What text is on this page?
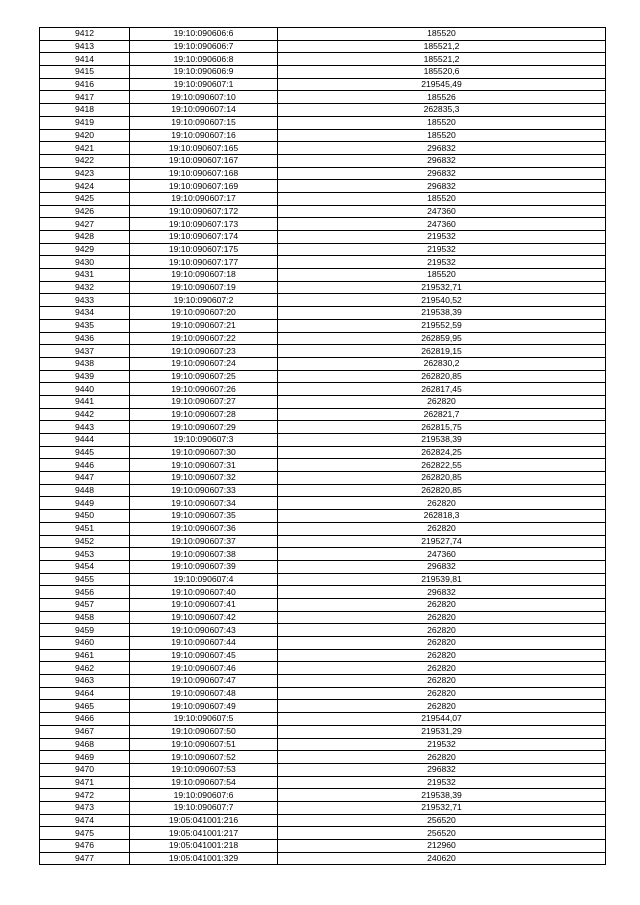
9412	19:10:090606:6	185520
9413	19:10:090606:7	185521,2
9414	19:10:090606:8	185521,2
9415	19:10:090606:9	185520,6
9416	19:10:090607:1	219545,49
9417	19:10:090607:10	185526
9418	19:10:090607:14	262835,3
9419	19:10:090607:15	185520
9420	19:10:090607:16	185520
9421	19:10:090607:165	296832
9422	19:10:090607:167	296832
9423	19:10:090607:168	296832
9424	19:10:090607:169	296832
9425	19:10:090607:17	185520
9426	19:10:090607:172	247360
9427	19:10:090607:173	247360
9428	19:10:090607:174	219532
9429	19:10:090607:175	219532
9430	19:10:090607:177	219532
9431	19:10:090607:18	185520
9432	19:10:090607:19	219532,71
9433	19:10:090607:2	219540,52
9434	19:10:090607:20	219538,39
9435	19:10:090607:21	219552,59
9436	19:10:090607:22	262859,95
9437	19:10:090607:23	262819,15
9438	19:10:090607:24	262830,2
9439	19:10:090607:25	262820,85
9440	19:10:090607:26	262817,45
9441	19:10:090607:27	262820
9442	19:10:090607:28	262821,7
9443	19:10:090607:29	262815,75
9444	19:10:090607:3	219538,39
9445	19:10:090607:30	262824,25
9446	19:10:090607:31	262822,55
9447	19:10:090607:32	262820,85
9448	19:10:090607:33	262820,85
9449	19:10:090607:34	262820
9450	19:10:090607:35	262818,3
9451	19:10:090607:36	262820
9452	19:10:090607:37	219527,74
9453	19:10:090607:38	247360
9454	19:10:090607:39	296832
9455	19:10:090607:4	219539,81
9456	19:10:090607:40	296832
9457	19:10:090607:41	262820
9458	19:10:090607:42	262820
9459	19:10:090607:43	262820
9460	19:10:090607:44	262820
9461	19:10:090607:45	262820
9462	19:10:090607:46	262820
9463	19:10:090607:47	262820
9464	19:10:090607:48	262820
9465	19:10:090607:49	262820
9466	19:10:090607:5	219544,07
9467	19:10:090607:50	219531,29
9468	19:10:090607:51	219532
9469	19:10:090607:52	262820
9470	19:10:090607:53	296832
9471	19:10:090607:54	219532
9472	19:10:090607:6	219538,39
9473	19:10:090607:7	219532,71
9474	19:05:041001:216	256520
9475	19:05:041001:217	256520
9476	19:05:041001:218	212960
9477	19:05:041001:329	240620
